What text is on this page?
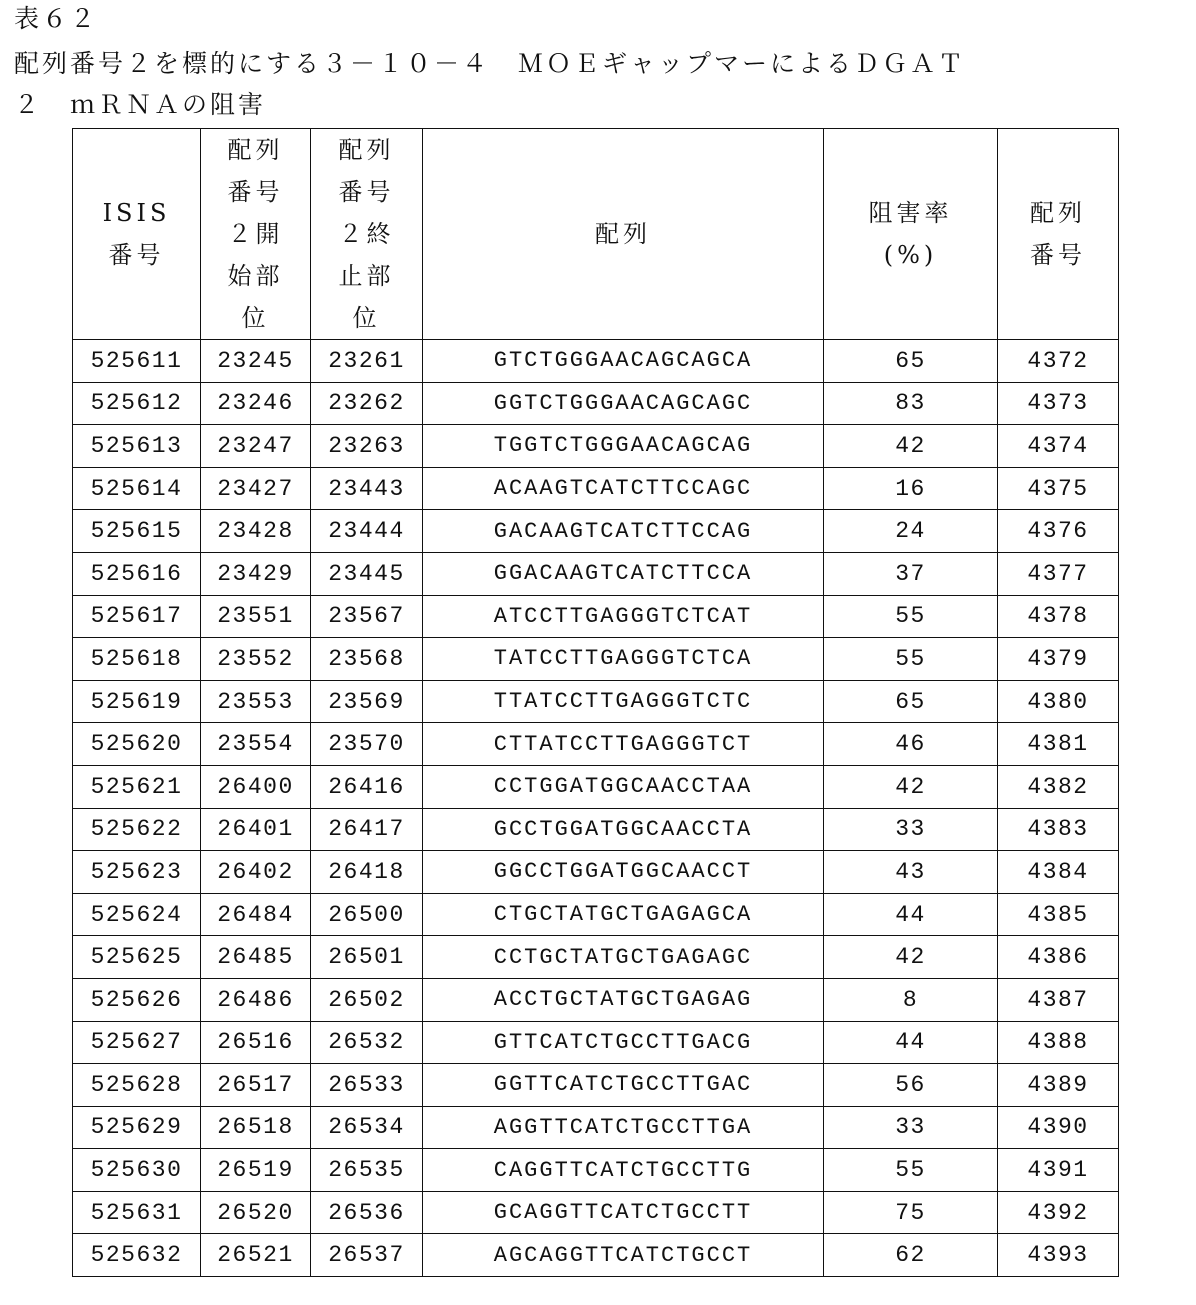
表６２
配列番号２を標的にする３－１０－４　ＭＯＥギャップマーによるＤＧＡＴ
２　ｍＲＮＡの阻害
ISIS
番号	配列
番号
２開
始部
位	配列
番号
２終
止部
位	配列	阻害率
(%)	配列
番号
525611	23245	23261	GTCTGGGAACAGCAGCA	65	4372
525612	23246	23262	GGTCTGGGAACAGCAGC	83	4373
525613	23247	23263	TGGTCTGGGAACAGCAG	42	4374
525614	23427	23443	ACAAGTCATCTTCCAGC	16	4375
525615	23428	23444	GACAAGTCATCTTCCAG	24	4376
525616	23429	23445	GGACAAGTCATCTTCCA	37	4377
525617	23551	23567	ATCCTTGAGGGTCTCAT	55	4378
525618	23552	23568	TATCCTTGAGGGTCTCA	55	4379
525619	23553	23569	TTATCCTTGAGGGTCTC	65	4380
525620	23554	23570	CTTATCCTTGAGGGTCT	46	4381
525621	26400	26416	CCTGGATGGCAACCTAA	42	4382
525622	26401	26417	GCCTGGATGGCAACCTA	33	4383
525623	26402	26418	GGCCTGGATGGCAACCT	43	4384
525624	26484	26500	CTGCTATGCTGAGAGCA	44	4385
525625	26485	26501	CCTGCTATGCTGAGAGC	42	4386
525626	26486	26502	ACCTGCTATGCTGAGAG	8	4387
525627	26516	26532	GTTCATCTGCCTTGACG	44	4388
525628	26517	26533	GGTTCATCTGCCTTGAC	56	4389
525629	26518	26534	AGGTTCATCTGCCTTGA	33	4390
525630	26519	26535	CAGGTTCATCTGCCTTG	55	4391
525631	26520	26536	GCAGGTTCATCTGCCTT	75	4392
525632	26521	26537	AGCAGGTTCATCTGCCT	62	4393
